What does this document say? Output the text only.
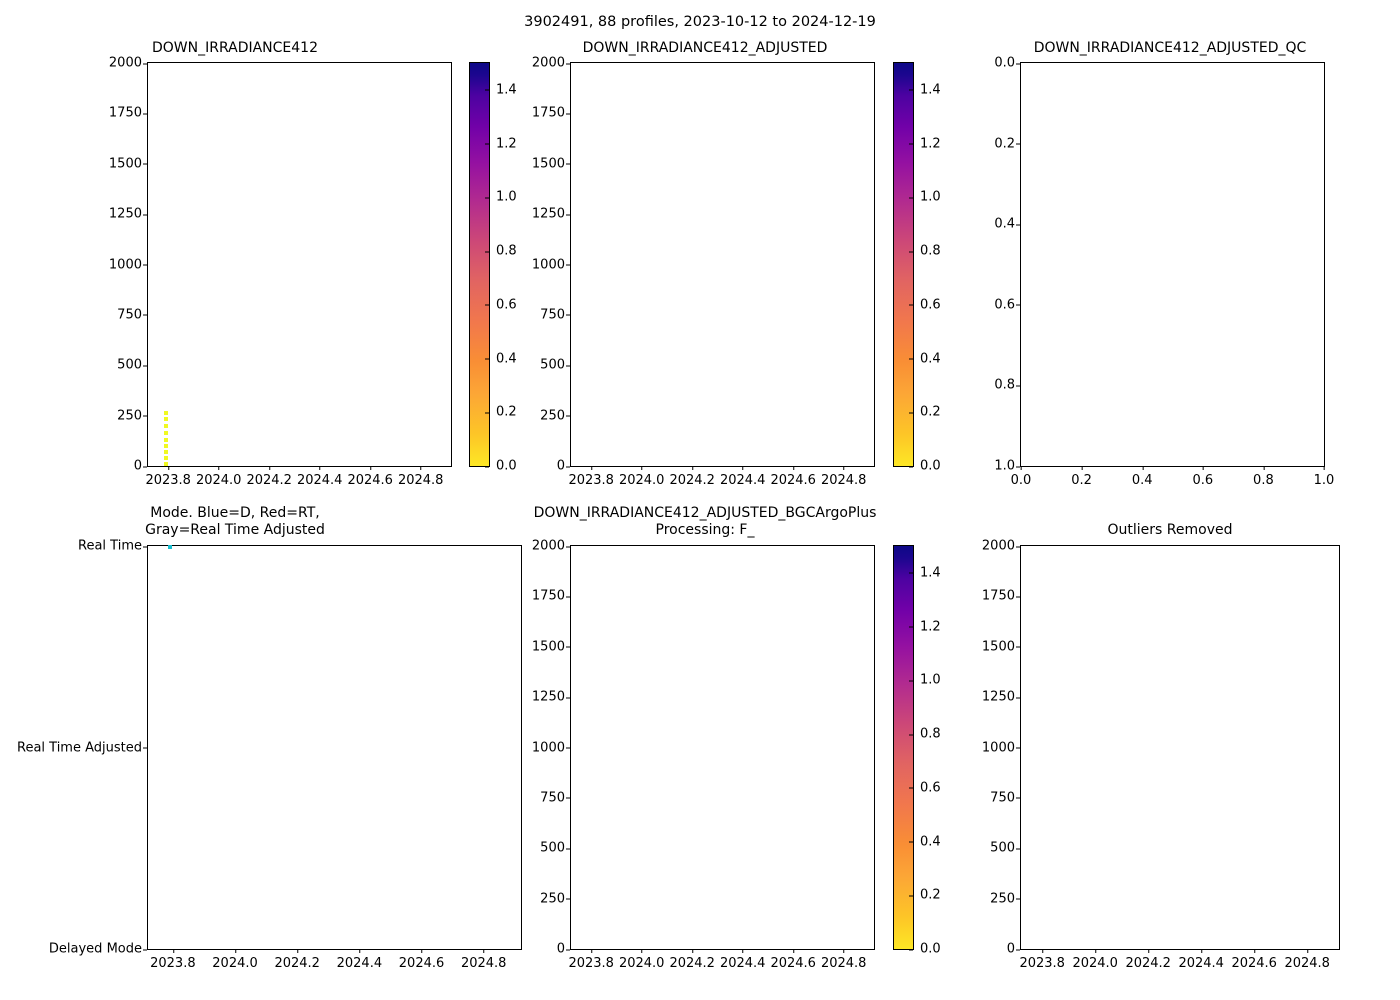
3902491, 88 profiles, 2023-10-12 to 2024-12-19
DOWN_IRRADIANCE412
0
250
500
750
1000
1250
1500
1750
2000
2023.8 2024.0 2024.2 2024.4 2024.6 2024.8
0.0
0.2
0.4
0.6
0.8
1.0
1.2
1.4
DOWN_IRRADIANCE412_ADJUSTED
0
250
500
750
1000
1250
1500
1750
2000
2023.8 2024.0 2024.2 2024.4 2024.6 2024.8
0.0
0.2
0.4
0.6
0.8
1.0
1.2
1.4
DOWN_IRRADIANCE412_ADJUSTED_QC
0.0
0.2
0.4
0.6
0.8
1.0
0.0	0.2	0.4	0.6	0.8	1.0
Mode. Blue=D, Red=RT,
Gray=Real Time Adjusted
Real Time
Real Time Adjusted
Delayed Mode
2023.8 2024.0 2024.2 2024.4 2024.6 2024.8
DOWN_IRRADIANCE412_ADJUSTED_BGCArgoPlus
Processing: F_
0
250
500
750
1000
1250
1500
1750
2000
2023.8 2024.0 2024.2 2024.4 2024.6 2024.8
0.0
0.2
0.4
0.6
0.8
1.0
1.2
1.4
Outliers Removed
0
250
500
750
1000
1250
1500
1750
2000
2023.8 2024.0 2024.2 2024.4 2024.6 2024.8
